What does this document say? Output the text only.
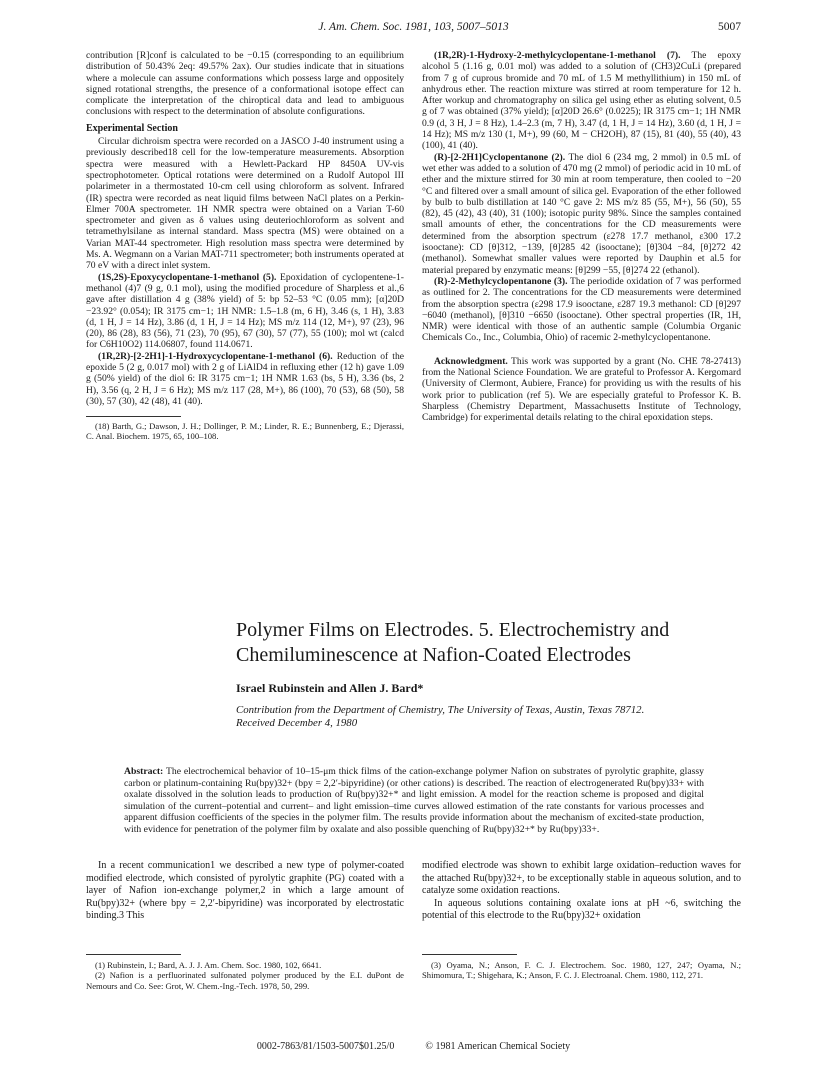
J. Am. Chem. Soc. 1981, 103, 5007–5013	5007

contribution [R]conf is calculated to be −0.15 (corresponding to an equilibrium distribution of 50.43% 2eq: 49.57% 2ax). Our studies indicate that in situations where a molecule can assume conformations which possess large and oppositely signed rotational strengths, the presence of a conformational isotope effect can complicate the interpretation of the chiroptical data and lead to ambiguous conclusions with respect to the determination of absolute configurations.

Experimental Section

Circular dichroism spectra were recorded on a JASCO J-40 instrument using a previously described18 cell for the low-temperature measurements. Absorption spectra were measured with a Hewlett-Packard HP 8450A UV-vis spectrophotometer. Optical rotations were determined on a Rudolf Autopol III polarimeter in a thermostated 10-cm cell using chloroform as solvent. Infrared (IR) spectra were recorded as neat liquid films between NaCl plates on a Perkin-Elmer 700A spectrometer. 1H NMR spectra were obtained on a Varian T-60 spectrometer and given as δ values using deuteriochloroform as solvent and tetramethylsilane as internal standard. Mass spectra (MS) were obtained on a Varian MAT-44 spectrometer. High resolution mass spectra were determined by Ms. A. Wegmann on a Varian MAT-711 spectrometer; both instruments operated at 70 eV with a direct inlet system.

(1S,2S)-Epoxycyclopentane-1-methanol (5). Epoxidation of cyclopentene-1-methanol (4)7 (9 g, 0.1 mol), using the modified procedure of Sharpless et al.,6 gave after distillation 4 g (38% yield) of 5: bp 52–53 °C (0.05 mm); [α]20D −23.92° (0.054); IR 3175 cm−1; 1H NMR: 1.5–1.8 (m, 6 H), 3.46 (s, 1 H), 3.83 (d, 1 H, J = 14 Hz), 3.86 (d, 1 H, J = 14 Hz); MS m/z 114 (12, M+), 97 (23), 96 (20), 86 (28), 83 (56), 71 (23), 70 (95), 67 (30), 57 (77), 55 (100); mol wt (calcd for C6H10O2) 114.06807, found 114.0671.

(1R,2R)-[2-2H1]-1-Hydroxycyclopentane-1-methanol (6). Reduction of the epoxide 5 (2 g, 0.017 mol) with 2 g of LiAlD4 in refluxing ether (12 h) gave 1.09 g (50% yield) of the diol 6: IR 3175 cm−1; 1H NMR 1.63 (bs, 5 H), 3.36 (bs, 2 H), 3.56 (q, 2 H, J = 6 Hz); MS m/z 117 (28, M+), 86 (100), 70 (53), 68 (50), 58 (30), 57 (30), 42 (48), 41 (40).

(18) Barth, G.; Dawson, J. H.; Dollinger, P. M.; Linder, R. E.; Bunnenberg, E.; Djerassi, C. Anal. Biochem. 1975, 65, 100–108.

(1R,2R)-1-Hydroxy-2-methylcyclopentane-1-methanol (7). The epoxy alcohol 5 (1.16 g, 0.01 mol) was added to a solution of (CH3)2CuLi (prepared from 7 g of cuprous bromide and 70 mL of 1.5 M methyllithium) in 150 mL of anhydrous ether. The reaction mixture was stirred at room temperature for 12 h. After workup and chromatography on silica gel using ether as eluting solvent, 0.5 g of 7 was obtained (37% yield); [α]20D 26.6° (0.0225); IR 3175 cm−1; 1H NMR 0.9 (d, 3 H, J = 8 Hz), 1.4–2.3 (m, 7 H), 3.47 (d, 1 H, J = 14 Hz), 3.60 (d, 1 H, J = 14 Hz); MS m/z 130 (1, M+), 99 (60, M − CH2OH), 87 (15), 81 (40), 55 (40), 43 (100), 41 (40).

(R)-[2-2H1]Cyclopentanone (2). The diol 6 (234 mg, 2 mmol) in 0.5 mL of wet ether was added to a solution of 470 mg (2 mmol) of periodic acid in 10 mL of ether and the mixture stirred for 30 min at room temperature, then cooled to −20 °C and filtered over a small amount of silica gel. Evaporation of the ether followed by bulb to bulb distillation at 140 °C gave 2: MS m/z 85 (55, M+), 56 (50), 55 (82), 45 (42), 43 (40), 31 (100); isotopic purity 98%. Since the samples contained small amounts of ether, the concentrations for the CD measurements were determined from the absorption spectrum (ε278 17.7 methanol, ε300 17.2 isooctane): CD [θ]312, −139, [θ]285 42 (isooctane); [θ]304 −84, [θ]272 42 (methanol). Somewhat smaller values were reported by Dauphin et al.5 for material prepared by enzymatic means: [θ]299 −55, [θ]274 22 (ethanol).

(R)-2-Methylcyclopentanone (3). The periodide oxidation of 7 was performed as outlined for 2. The concentrations for the CD measurements were determined from the absorption spectra (ε298 17.9 isooctane, ε287 19.3 methanol: CD [θ]297 −6040 (methanol), [θ]310 −6650 (isooctane). Other spectral properties (IR, 1H, NMR) were identical with those of an authentic sample (Columbia Organic Chemicals Co., Inc., Columbia, Ohio) of racemic 2-methylcyclopentanone.

Acknowledgment. This work was supported by a grant (No. CHE 78-27413) from the National Science Foundation. We are grateful to Professor A. Kergomard (University of Clermont, Aubiere, France) for providing us with the results of his work prior to publication (ref 5). We are especially grateful to Professor K. B. Sharpless (Chemistry Department, Massachusetts Institute of Technology, Cambridge) for experimental details relating to the chiral epoxidation steps.

Polymer Films on Electrodes. 5. Electrochemistry and
Chemiluminescence at Nafion-Coated Electrodes
Israel Rubinstein and Allen J. Bard*
Contribution from the Department of Chemistry, The University of Texas, Austin, Texas 78712.
Received December 4, 1980
Abstract: The electrochemical behavior of 10–15-μm thick films of the cation-exchange polymer Nafion on substrates of pyrolytic graphite, glassy carbon or platinum-containing Ru(bpy)32+ (bpy = 2,2′-bipyridine) (or other cations) is described. The reaction of electrogenerated Ru(bpy)33+ with oxalate dissolved in the solution leads to production of Ru(bpy)32+* and light emission. A model for the reaction scheme is proposed and digital simulation of the current–potential and current– and light emission–time curves allowed estimation of the rate constants for various processes and apparent diffusion coefficients of the species in the polymer film. The results provide information about the mechanism of excited-state production, with evidence for penetration of the polymer film by oxalate and also possible quenching of Ru(bpy)32+* by Ru(bpy)33+.

In a recent communication1 we described a new type of polymer-coated modified electrode, which consisted of pyrolytic graphite (PG) coated with a layer of Nafion ion-exchange polymer,2 in which a large amount of Ru(bpy)32+ (where bpy = 2,2′-bipyridine) was incorporated by electrostatic binding.3 This

modified electrode was shown to exhibit large oxidation–reduction waves for the attached Ru(bpy)32+, to be exceptionally stable in aqueous solution, and to catalyze some oxidation reactions.

In aqueous solutions containing oxalate ions at pH ~6, switching the potential of this electrode to the Ru(bpy)32+ oxidation

(1) Rubinstein, I.; Bard, A. J. J. Am. Chem. Soc. 1980, 102, 6641.

(2) Nafion is a perfluorinated sulfonated polymer produced by the E.I. duPont de Nemours and Co. See: Grot, W. Chem.-Ing.-Tech. 1978, 50, 299.

(3) Oyama, N.; Anson, F. C. J. Electrochem. Soc. 1980, 127, 247; Oyama, N.; Shimomura, T.; Shigehara, K.; Anson, F. C. J. Electroanal. Chem. 1980, 112, 271.

0002-7863/81/1503-5007$01.25/0	© 1981 American Chemical Society
